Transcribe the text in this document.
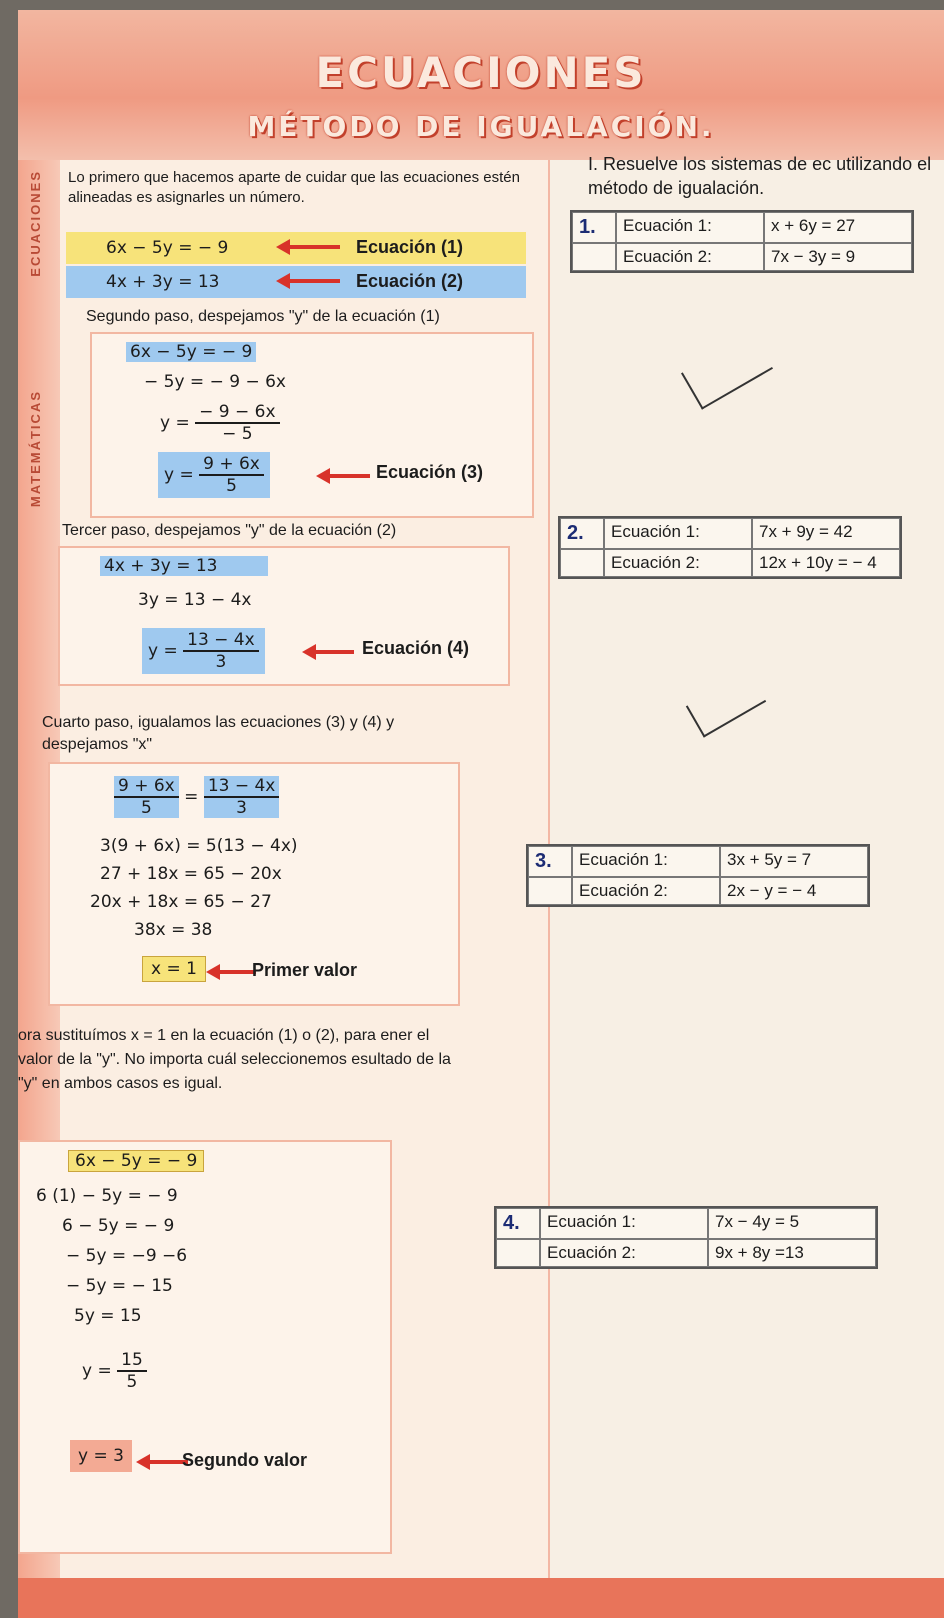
ECUACIONES
MÉTODO DE IGUALACIÓN.
ECUACIONES
MATEMÁTICAS
Lo primero que hacemos aparte de cuidar que las ecuaciones estén alineadas es asignarles un número.
6x − 5y = − 9	Ecuación (1)
4x + 3y = 13	Ecuación (2)
Segundo paso, despejamos "y" de la ecuación (1)
6x − 5y = − 9
− 5y = − 9 − 6x
$y = \frac{- 9 - 6x}{- 5}$
$y = \frac{9 + 6x}{5}$	Ecuación (3)
Tercer paso, despejamos "y" de la ecuación (2)
4x + 3y = 13
3y = 13 − 4x
$y = \frac{13 - 4x}{3}$	Ecuación (4)
Cuarto paso, igualamos las ecuaciones (3) y (4) y despejamos "x"
$\frac{9 + 6x}{5} = \frac{13 - 4x}{3}$
3(9 + 6x) = 5(13 − 4x)
27 + 18x = 65 − 20x
20x + 18x = 65 − 27
38x = 38
x = 1	Primer valor
ora sustituímos x = 1 en la ecuación (1) o (2), para ener el valor de la "y". No importa cuál seleccionemos esultado de la "y" en ambos casos es igual.
6x − 5y = − 9
6 (1) − 5y = − 9
6 − 5y = − 9
− 5y = −9 −6
− 5y = − 15
5y = 15
$y = \frac{15}{5}$
y = 3	Segundo valor
I. Resuelve los sistemas de ec utilizando el método de igualación.
1.	Ecuación 1:	x + 6y = 27
Ecuación 2:	7x − 3y = 9
2.	Ecuación 1:	7x + 9y = 42
Ecuación 2:	12x + 10y = − 4
3.	Ecuación 1:	3x + 5y = 7
Ecuación 2:	2x − y = − 4
4.	Ecuación 1:	7x − 4y = 5
Ecuación 2:	9x + 8y =13
